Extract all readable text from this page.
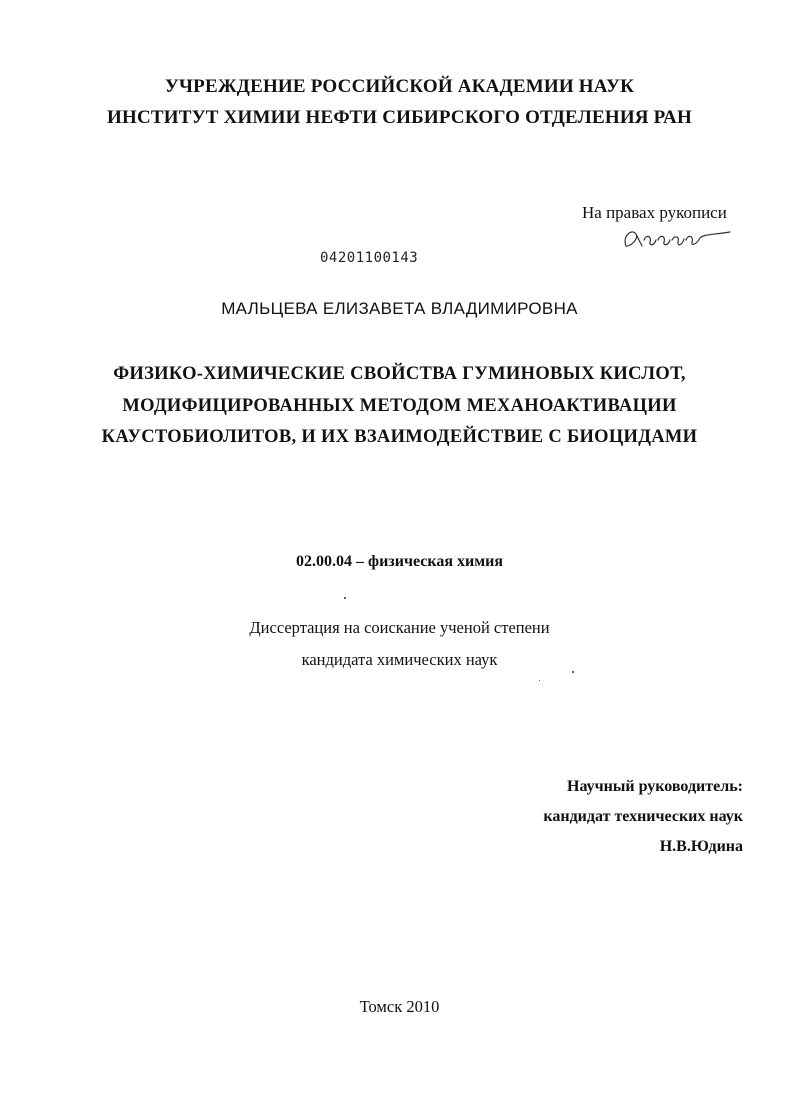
УЧРЕЖДЕНИЕ РОССИЙСКОЙ АКАДЕМИИ НАУК
ИНСТИТУТ ХИМИИ НЕФТИ СИБИРСКОГО ОТДЕЛЕНИЯ РАН
На правах рукописи
04201100143
МАЛЬЦЕВА ЕЛИЗАВЕТА ВЛАДИМИРОВНА
ФИЗИКО-ХИМИЧЕСКИЕ СВОЙСТВА ГУМИНОВЫХ КИСЛОТ,
МОДИФИЦИРОВАННЫХ МЕТОДОМ МЕХАНОАКТИВАЦИИ
КАУСТОБИОЛИТОВ, И ИХ ВЗАИМОДЕЙСТВИЕ С БИОЦИДАМИ
02.00.04 – физическая химия
Диссертация на соискание ученой степени
кандидата химических наук
Научный руководитель:
кандидат технических наук
Н.В.Юдина
Томск 2010
